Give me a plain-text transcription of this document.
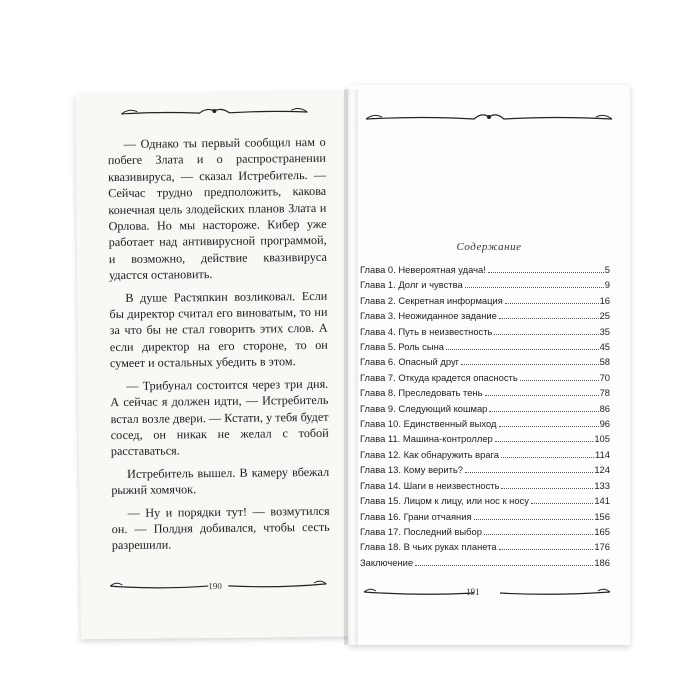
— Однако ты первый сообщил нам о побеге Злата и о распространении квазивируса, — сказал Истребитель. — Сейчас трудно предположить, какова конечная цель злодейских планов Злата и Орлова. Но мы настороже. Кибер уже работает над антивирусной программой, и возможно, действие квазивируса удастся остановить.

В душе Растяпкин возликовал. Если бы директор считал его виноватым, то ни за что бы не стал говорить этих слов. А если директор на его стороне, то он сумеет и остальных убедить в этом.

— Трибунал состоится через три дня. А сейчас я должен идти, — Истребитель встал возле двери. — Кстати, у тебя будет сосед, он никак не желал с тобой расставаться.

Истребитель вышел. В камеру вбежал рыжий хомячок.

— Ну и порядки тут! — возмутился он. — Полдня добивался, чтобы сесть разрешили.

190
Содержание
Глава 0. Невероятная удача!	5
Глава 1. Долг и чувства	9
Глава 2. Секретная информация	16
Глава 3. Неожиданное задание	25
Глава 4. Путь в неизвестность	35
Глава 5. Роль сына	45
Глава 6. Опасный друг	58
Глава 7. Откуда крадется опасность	70
Глава 8. Преследовать тень	78
Глава 9. Следующий кошмар	86
Глава 10. Единственный выход	96
Глава 11. Машина-контроллер	105
Глава 12. Как обнаружить врага	114
Глава 13. Кому верить?	124
Глава 14. Шаги в неизвестность	133
Глава 15. Лицом к лицу, или нос к носу	141
Глава 16. Грани отчаяния	156
Глава 17. Последний выбор	165
Глава 18. В чьих руках планета	176
Заключение	186
191
